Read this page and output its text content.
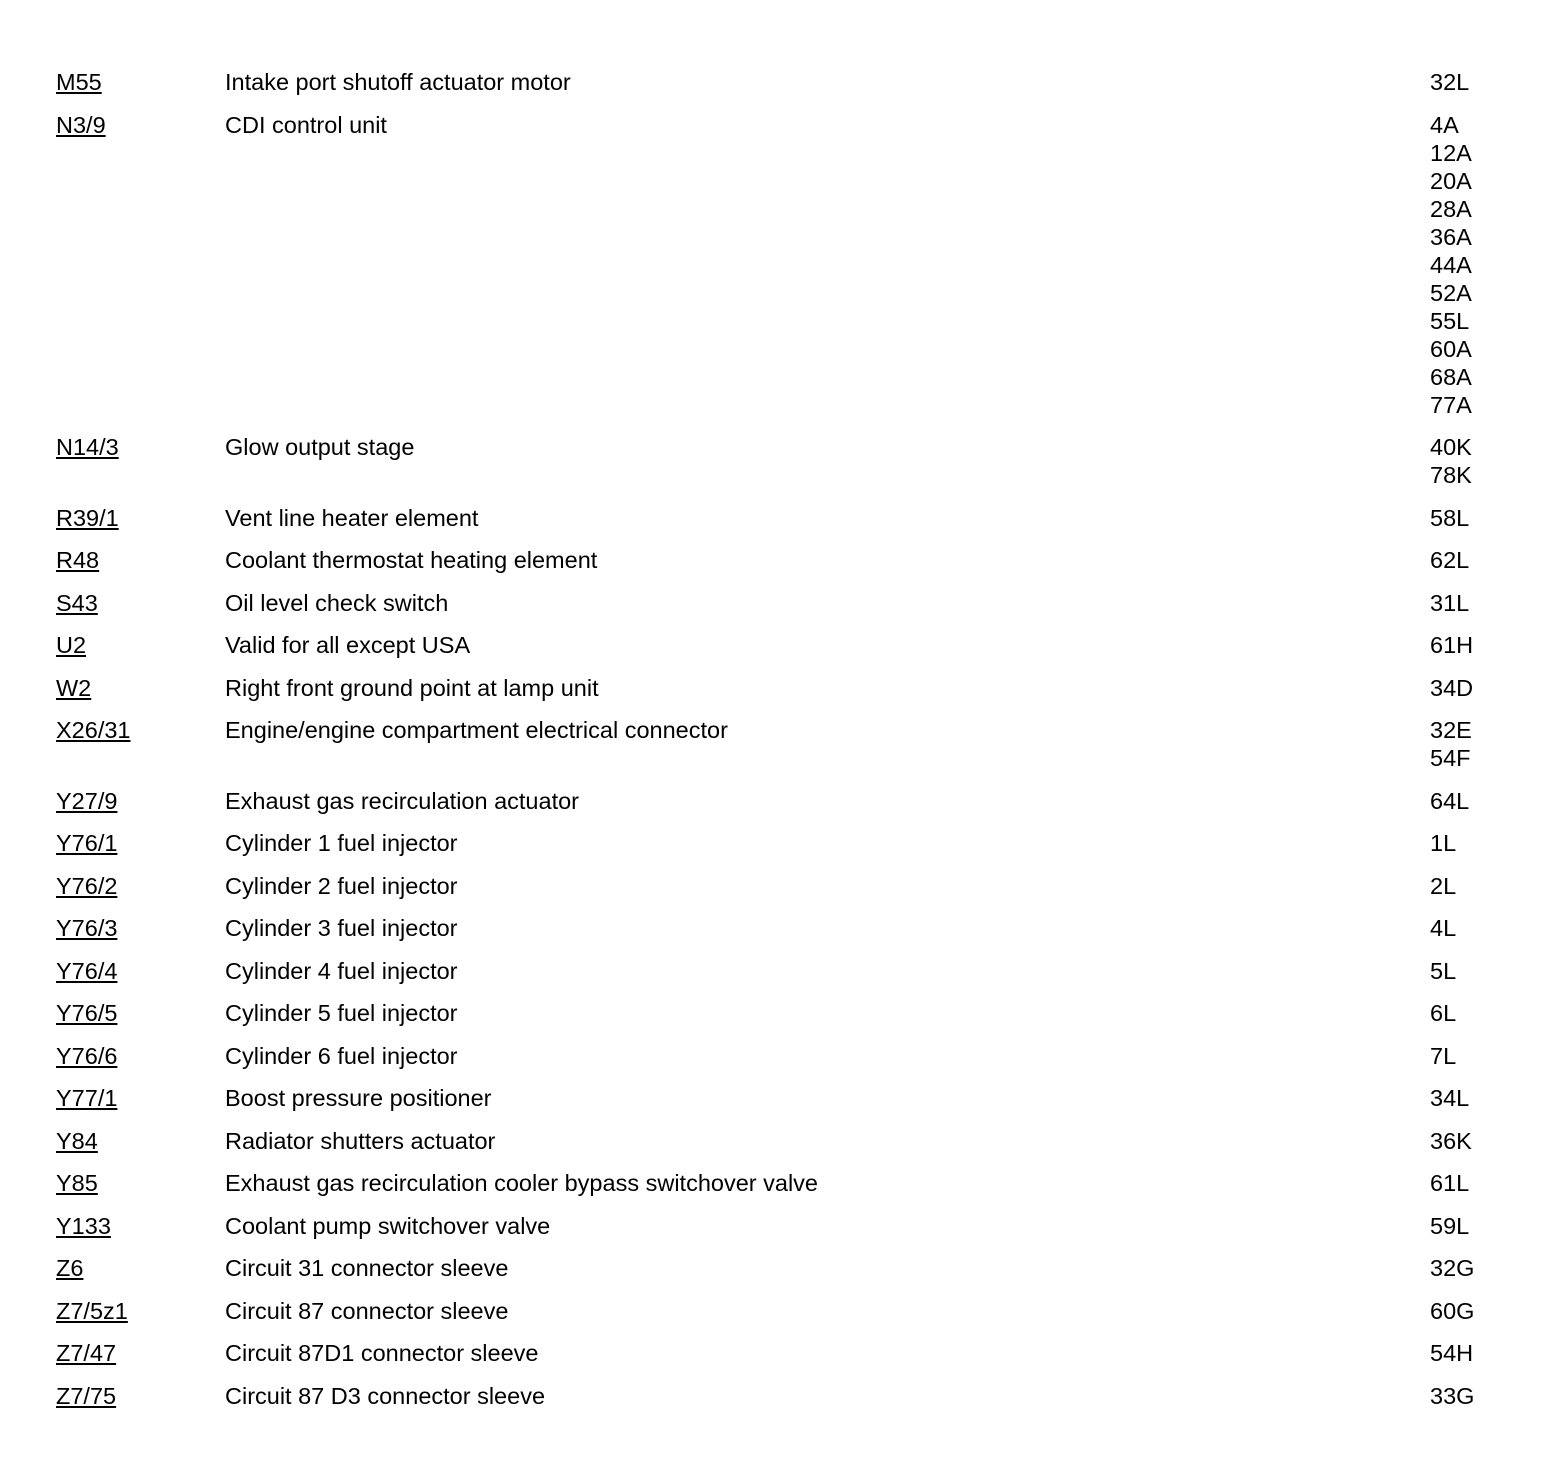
M55	Intake port shutoff actuator motor	32L
N3/9	CDI control unit	4A
12A
20A
28A
36A
44A
52A
55L
60A
68A
77A
N14/3	Glow output stage	40K
78K
R39/1	Vent line heater element	58L
R48	Coolant thermostat heating element	62L
S43	Oil level check switch	31L
U2	Valid for all except USA	61H
W2	Right front ground point at lamp unit	34D
X26/31	Engine/engine compartment electrical connector	32E
54F
Y27/9	Exhaust gas recirculation actuator	64L
Y76/1	Cylinder 1 fuel injector	1L
Y76/2	Cylinder 2 fuel injector	2L
Y76/3	Cylinder 3 fuel injector	4L
Y76/4	Cylinder 4 fuel injector	5L
Y76/5	Cylinder 5 fuel injector	6L
Y76/6	Cylinder 6 fuel injector	7L
Y77/1	Boost pressure positioner	34L
Y84	Radiator shutters actuator	36K
Y85	Exhaust gas recirculation cooler bypass switchover valve	61L
Y133	Coolant pump switchover valve	59L
Z6	Circuit 31 connector sleeve	32G
Z7/5z1	Circuit 87 connector sleeve	60G
Z7/47	Circuit 87D1 connector sleeve	54H
Z7/75	Circuit 87 D3 connector sleeve	33G
